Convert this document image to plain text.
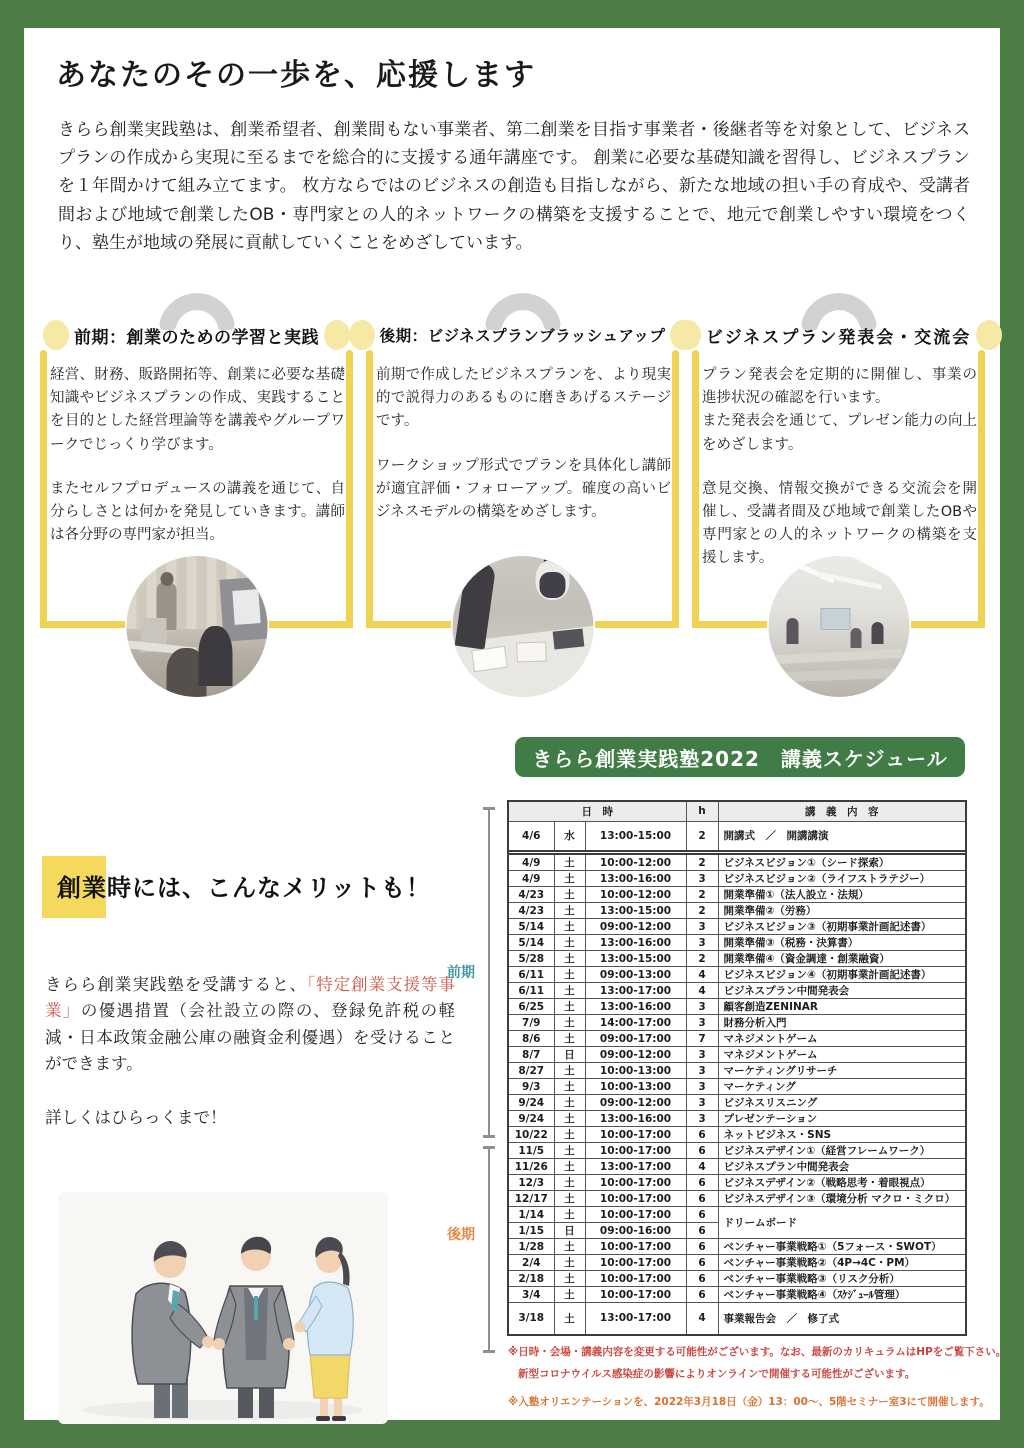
あなたのその一歩を、応援します

きらら創業実践塾は、創業希望者、創業間もない事業者、第二創業を目指す事業者・後継者等を対象として、ビジネスプランの作成から実現に至るまでを総合的に支援する通年講座です。 創業に必要な基礎知識を習得し、ビジネスプランを１年間かけて組み立てます。 枚方ならではのビジネスの創造も目指しながら、新たな地域の担い手の育成や、受講者間および地域で創業したOB・専門家との人的ネットワークの構築を支援することで、地元で創業しやすい環境をつくり、塾生が地域の発展に貢献していくことをめざしています。

前期：創業のための学習と実践

経営、財務、販路開拓等、創業に必要な基礎知識やビジネスプランの作成、実践することを目的とした経営理論等を講義やグループワークでじっくり学びます。

またセルフプロデュースの講義を通じて、自分らしさとは何かを発見していきます。講師は各分野の専門家が担当。

後期：ビジネスプランブラッシュアップ

前期で作成したビジネスプランを、より現実的で説得力のあるものに磨きあげるステージです。

ワークショップ形式でプランを具体化し講師が適宜評価・フォローアップ。確度の高いビジネスモデルの構築をめざします。

ビジネスプラン発表会・交流会

プラン発表会を定期的に開催し、事業の進捗状況の確認を行います。

また発表会を通じて、プレゼン能力の向上をめざします。

意見交換、情報交換ができる交流会を開催し、受講者間及び地域で創業したOBや専門家との人的ネットワークの構築を支援します。

創業時には、こんなメリットも！

きらら創業実践塾を受講すると、「特定創業支援等事業」の優遇措置（会社設立の際の、登録免許税の軽減・日本政策金融公庫の融資金利優遇）を受けることができます。

詳しくはひらっくまで！

きらら創業実践塾2022　講義スケジュール
前期
後期
日　時			h	講　義　内　容
4/6	水	13:00-15:00	2	開講式　／　開講講演

4/9	土	10:00-12:00	2	ビジネスビジョン①（シード探索）
4/9	土	13:00-16:00	3	ビジネスビジョン②（ライフストラテジー）
4/23	土	10:00-12:00	2	開業準備①（法人設立・法規）
4/23	土	13:00-15:00	2	開業準備②（労務）
5/14	土	09:00-12:00	3	ビジネスビジョン③（初期事業計画記述書）
5/14	土	13:00-16:00	3	開業準備③（税務・決算書）
5/28	土	13:00-15:00	2	開業準備④（資金調達・創業融資）
6/11	土	09:00-13:00	4	ビジネスビジョン④（初期事業計画記述書）
6/11	土	13:00-17:00	4	ビジネスプラン中間発表会
6/25	土	13:00-16:00	3	顧客創造ZENINAR
7/9	土	14:00-17:00	3	財務分析入門
8/6	土	09:00-17:00	7	マネジメントゲーム
8/7	日	09:00-12:00	3	マネジメントゲーム
8/27	土	10:00-13:00	3	マーケティングリサーチ
9/3	土	10:00-13:00	3	マーケティング
9/24	土	09:00-12:00	3	ビジネスリスニング
9/24	土	13:00-16:00	3	プレゼンテーション
10/22	土	10:00-17:00	6	ネットビジネス・SNS
11/5	土	10:00-17:00	6	ビジネスデザイン①（経営フレームワーク）
11/26	土	13:00-17:00	4	ビジネスプラン中間発表会
12/3	土	10:00-17:00	6	ビジネスデザイン②（戦略思考・着眼視点）
12/17	土	10:00-17:00	6	ビジネスデザイン③（環境分析 マクロ・ミクロ）
1/14	土	10:00-17:00	6	ドリームボード
1/15	日	09:00-16:00	6	
1/28	土	10:00-17:00	6	ベンチャー事業戦略①（5フォース・SWOT）
2/4	土	10:00-17:00	6	ベンチャー事業戦略②（4P→4C・PM）
2/18	土	10:00-17:00	6	ベンチャー事業戦略③（リスク分析）
3/4	土	10:00-17:00	6	ベンチャー事業戦略④（ｽｹｼﾞｭｰﾙ管理）
3/18	土	13:00-17:00	4	事業報告会　／　修了式

※日時・会場・講義内容を変更する可能性がございます。なお、最新のカリキュラムはHPをご覧下さい。

新型コロナウイルス感染症の影響によりオンラインで開催する可能性がございます。

※入塾オリエンテーションを、2022年3月18日（金）13：00～、5階セミナー室3にて開催します。
